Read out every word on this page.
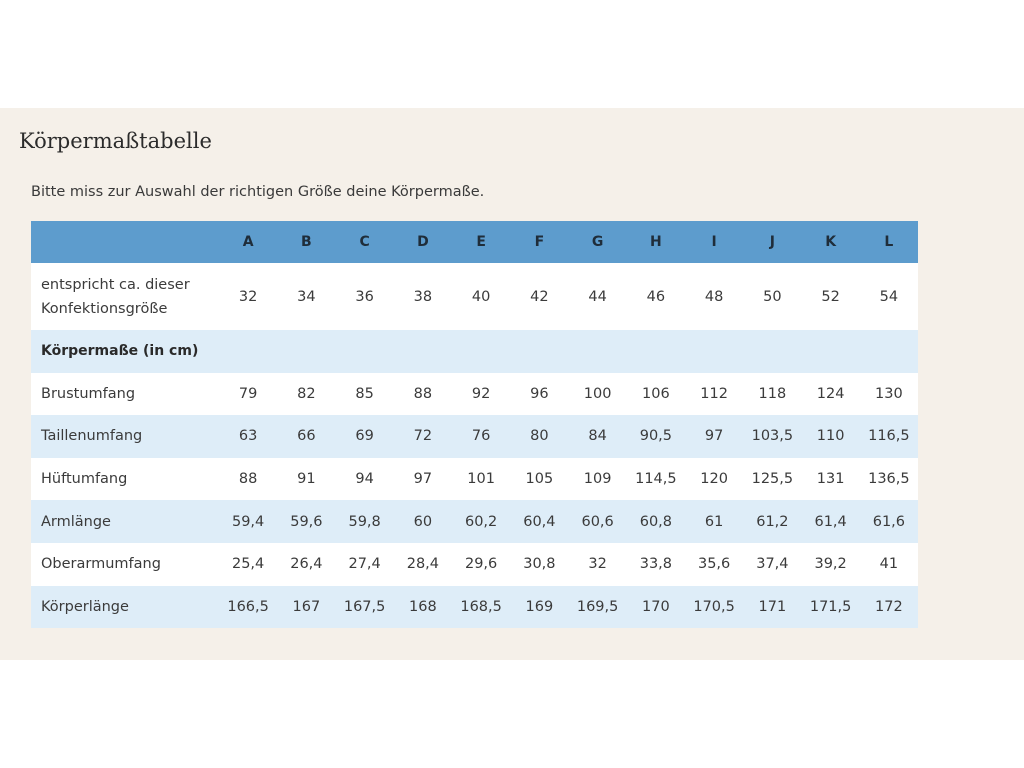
Körpermaßtabelle

Bitte miss zur Auswahl der richtigen Größe deine Körpermaße.

	A	B	C	D	E	F	G	H	I	J	K	L
entspricht ca. dieser Konfektionsgröße	32	34	36	38	40	42	44	46	48	50	52	54
Körpermaße (in cm)												
Brustumfang	79	82	85	88	92	96	100	106	112	118	124	130
Taillenumfang	63	66	69	72	76	80	84	90,5	97	103,5	110	116,5
Hüftumfang	88	91	94	97	101	105	109	114,5	120	125,5	131	136,5
Armlänge	59,4	59,6	59,8	60	60,2	60,4	60,6	60,8	61	61,2	61,4	61,6
Oberarmumfang	25,4	26,4	27,4	28,4	29,6	30,8	32	33,8	35,6	37,4	39,2	41
Körperlänge	166,5	167	167,5	168	168,5	169	169,5	170	170,5	171	171,5	172
